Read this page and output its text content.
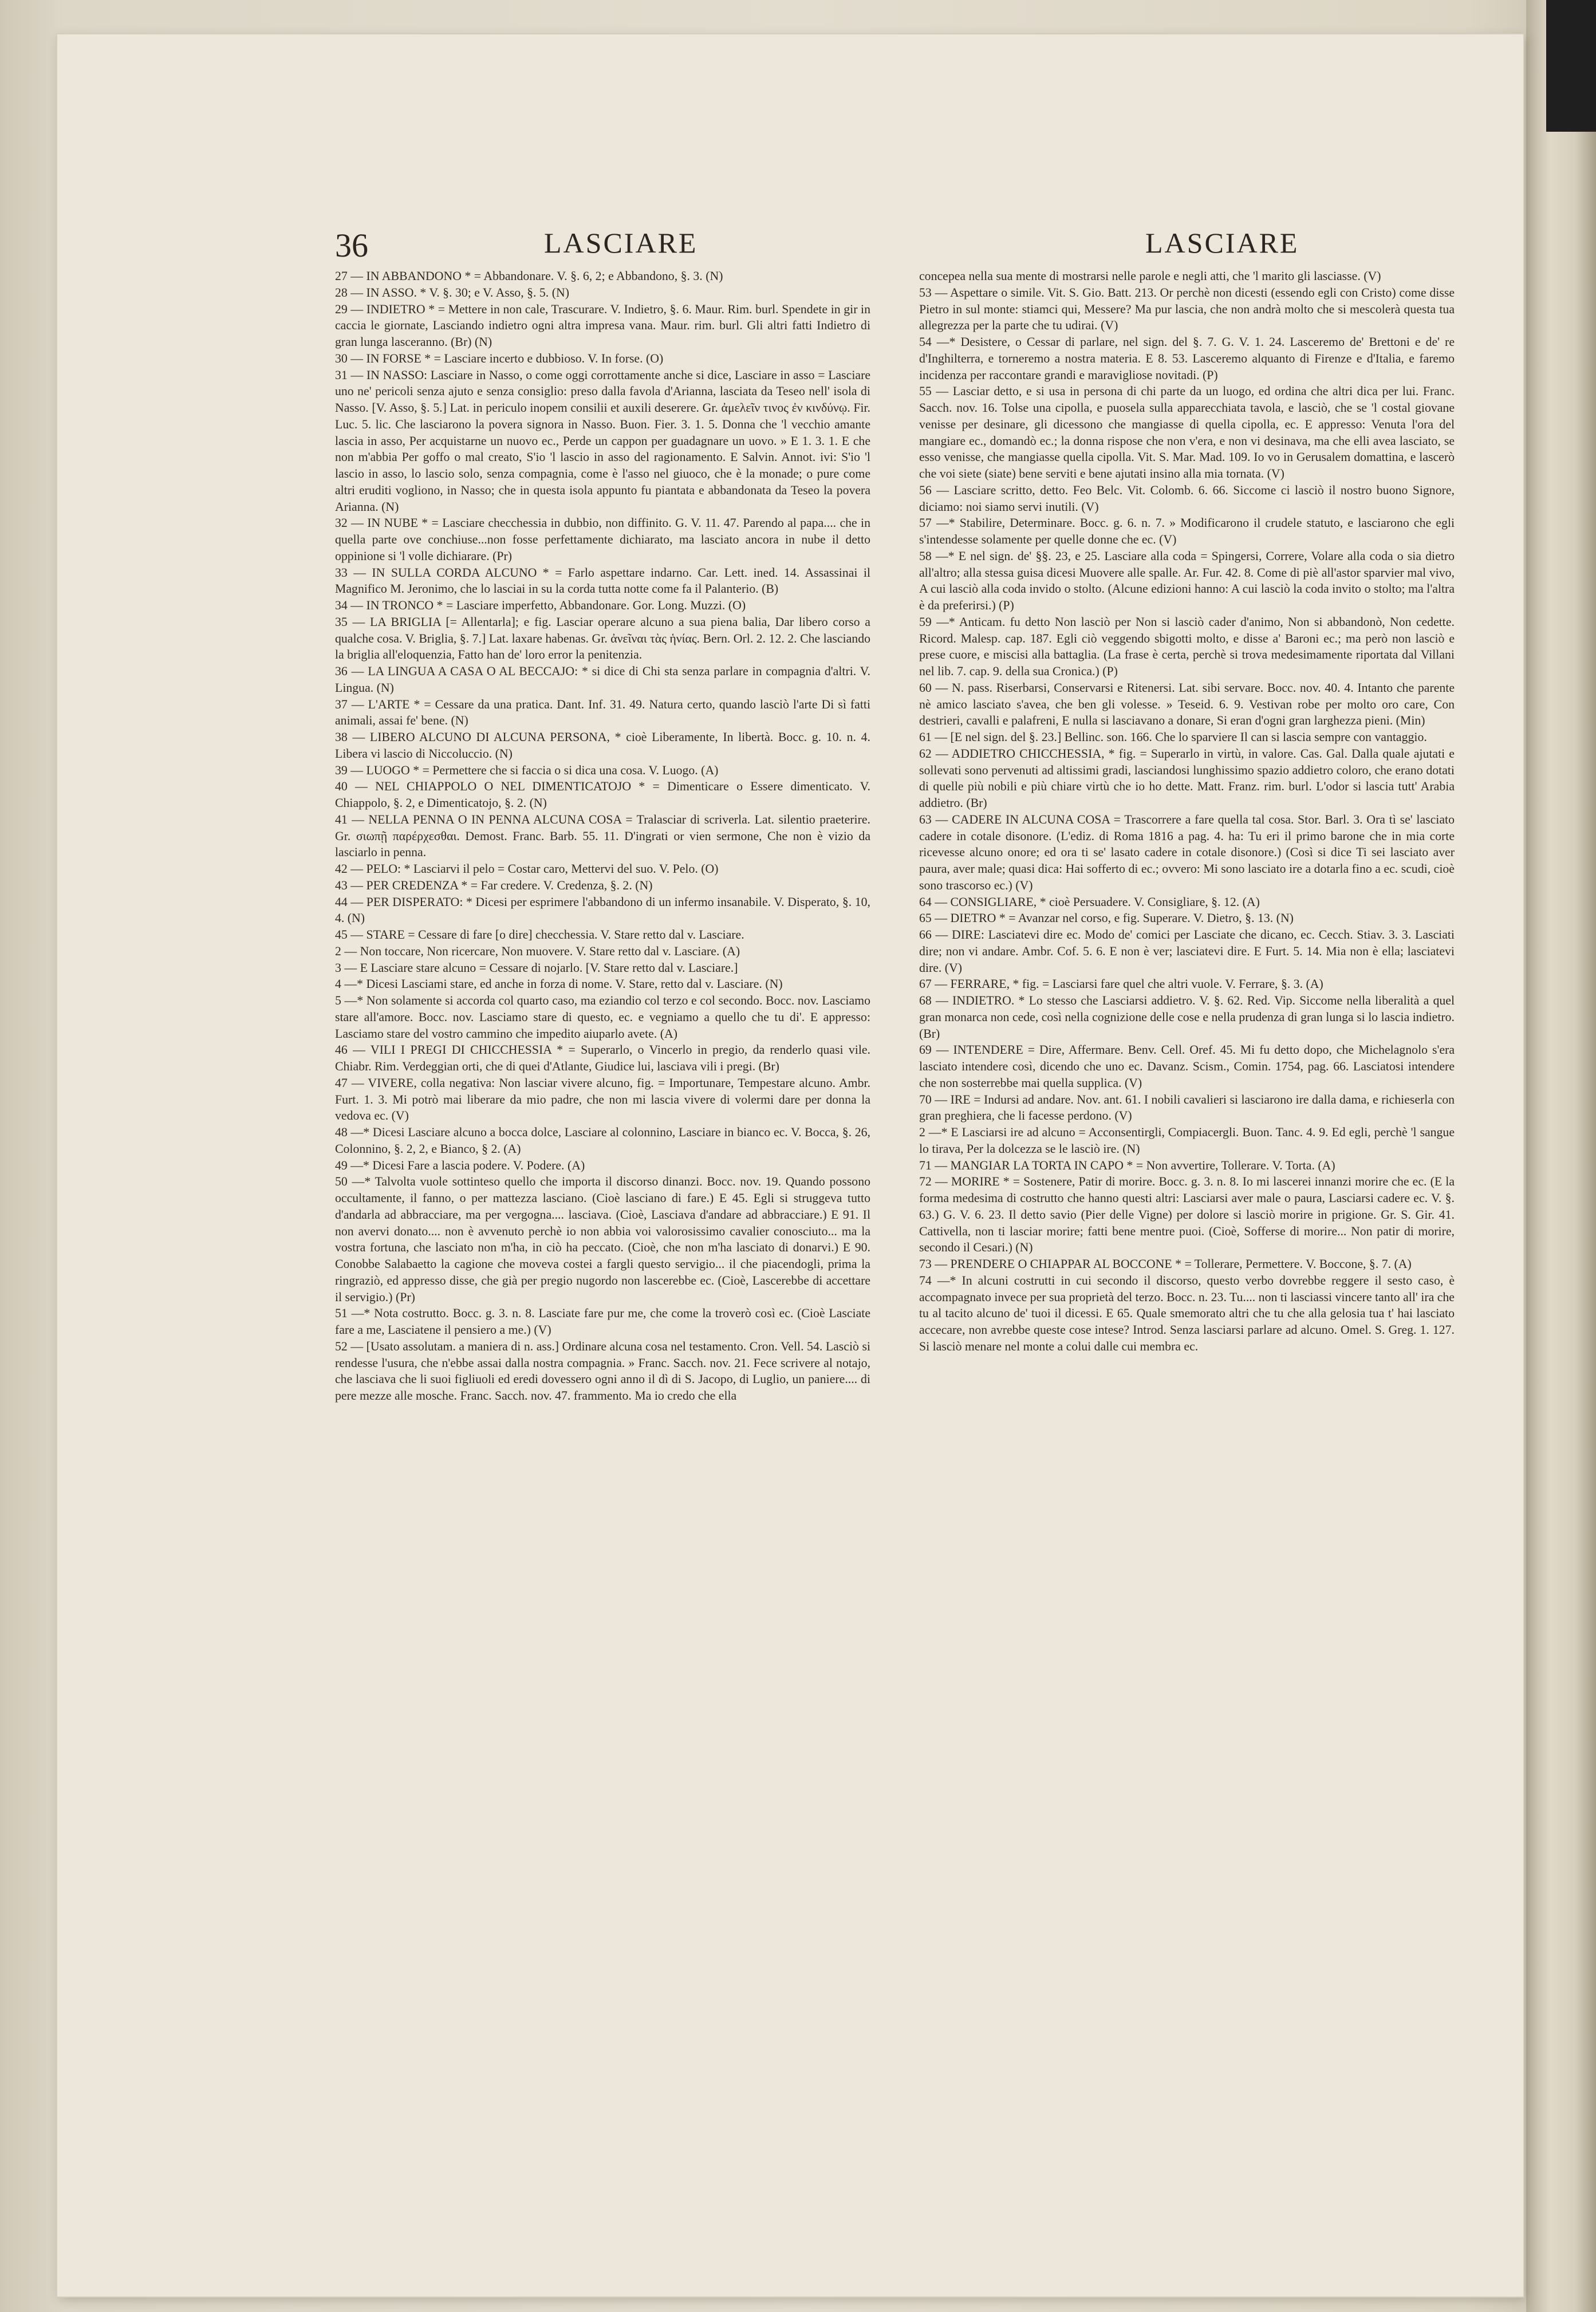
36	LASCIARE	LASCIARE

27 — IN ABBANDONO * = Abbandonare. V. §. 6, 2; e Abbandono, §. 3. (N)

28 — IN ASSO. * V. §. 30; e V. Asso, §. 5. (N)

29 — INDIETRO * = Mettere in non cale, Trascurare. V. Indietro, §. 6. Maur. Rim. burl. Spendete in gir in caccia le giornate, Lasciando indietro ogni altra impresa vana. Maur. rim. burl. Gli altri fatti Indietro di gran lunga lasceranno. (Br) (N)

30 — IN FORSE * = Lasciare incerto e dubbioso. V. In forse. (O)

31 — IN NASSO: Lasciare in Nasso, o come oggi corrottamente anche si dice, Lasciare in asso = Lasciare uno ne' pericoli senza ajuto e senza consiglio: preso dalla favola d'Arianna, lasciata da Teseo nell' isola di Nasso. [V. Asso, §. 5.] Lat. in periculo inopem consilii et auxili deserere. Gr. ἀμελεῖν τινος ἐν κινδύνῳ. Fir. Luc. 5. lic. Che lasciarono la povera signora in Nasso. Buon. Fier. 3. 1. 5. Donna che 'l vecchio amante lascia in asso, Per acquistarne un nuovo ec., Perde un cappon per guadagnare un uovo. » E 1. 3. 1. E che non m'abbia Per goffo o mal creato, S'io 'l lascio in asso del ragionamento. E Salvin. Annot. ivi: S'io 'l lascio in asso, lo lascio solo, senza compagnia, come è l'asso nel giuoco, che è la monade; o pure come altri eruditi vogliono, in Nasso; che in questa isola appunto fu piantata e abbandonata da Teseo la povera Arianna. (N)

32 — IN NUBE * = Lasciare checchessia in dubbio, non diffinito. G. V. 11. 47. Parendo al papa.... che in quella parte ove conchiuse...non fosse perfettamente dichiarato, ma lasciato ancora in nube il detto oppinione si 'l volle dichiarare. (Pr)

33 — IN SULLA CORDA ALCUNO * = Farlo aspettare indarno. Car. Lett. ined. 14. Assassinai il Magnifico M. Jeronimo, che lo lasciai in su la corda tutta notte come fa il Palanterio. (B)

34 — IN TRONCO * = Lasciare imperfetto, Abbandonare. Gor. Long. Muzzi. (O)

35 — LA BRIGLIA [= Allentarla]; e fig. Lasciar operare alcuno a sua piena balia, Dar libero corso a qualche cosa. V. Briglia, §. 7.] Lat. laxare habenas. Gr. ἀνεῖναι τὰς ἡνίας. Bern. Orl. 2. 12. 2. Che lasciando la briglia all'eloquenzia, Fatto han de' loro error la penitenzia.

36 — LA LINGUA A CASA O AL BECCAJO: * si dice di Chi sta senza parlare in compagnia d'altri. V. Lingua. (N)

37 — L'ARTE * = Cessare da una pratica. Dant. Inf. 31. 49. Natura certo, quando lasciò l'arte Di sì fatti animali, assai fe' bene. (N)

38 — LIBERO ALCUNO DI ALCUNA PERSONA, * cioè Liberamente, In libertà. Bocc. g. 10. n. 4. Libera vi lascio di Niccoluccio. (N)

39 — LUOGO * = Permettere che si faccia o si dica una cosa. V. Luogo. (A)

40 — NEL CHIAPPOLO O NEL DIMENTICATOJO * = Dimenticare o Essere dimenticato. V. Chiappolo, §. 2, e Dimenticatojo, §. 2. (N)

41 — NELLA PENNA O IN PENNA ALCUNA COSA = Tralasciar di scriverla. Lat. silentio praeterire. Gr. σιωπῇ παρέρχεσθαι. Demost. Franc. Barb. 55. 11. D'ingrati or vien sermone, Che non è vizio da lasciarlo in penna.

42 — PELO: * Lasciarvi il pelo = Costar caro, Mettervi del suo. V. Pelo. (O)

43 — PER CREDENZA * = Far credere. V. Credenza, §. 2. (N)

44 — PER DISPERATO: * Dicesi per esprimere l'abbandono di un infermo insanabile. V. Disperato, §. 10, 4. (N)

45 — STARE = Cessare di fare [o dire] checchessia. V. Stare retto dal v. Lasciare.

2 — Non toccare, Non ricercare, Non muovere. V. Stare retto dal v. Lasciare. (A)

3 — E Lasciare stare alcuno = Cessare di nojarlo. [V. Stare retto dal v. Lasciare.]

4 —* Dicesi Lasciami stare, ed anche in forza di nome. V. Stare, retto dal v. Lasciare. (N)

5 —* Non solamente si accorda col quarto caso, ma eziandio col terzo e col secondo. Bocc. nov. Lasciamo stare all'amore. Bocc. nov. Lasciamo stare di questo, ec. e vegniamo a quello che tu di'. E appresso: Lasciamo stare del vostro cammino che impedito aiuparlo avete. (A)

46 — VILI I PREGI DI CHICCHESSIA * = Superarlo, o Vincerlo in pregio, da renderlo quasi vile. Chiabr. Rim. Verdeggian orti, che di quei d'Atlante, Giudice lui, lasciava vili i pregi. (Br)

47 — VIVERE, colla negativa: Non lasciar vivere alcuno, fig. = Importunare, Tempestare alcuno. Ambr. Furt. 1. 3. Mi potrò mai liberare da mio padre, che non mi lascia vivere di volermi dare per donna la vedova ec. (V)

48 —* Dicesi Lasciare alcuno a bocca dolce, Lasciare al colonnino, Lasciare in bianco ec. V. Bocca, §. 26, Colonnino, §. 2, 2, e Bianco, § 2. (A)

49 —* Dicesi Fare a lascia podere. V. Podere. (A)

50 —* Talvolta vuole sottinteso quello che importa il discorso dinanzi. Bocc. nov. 19. Quando possono occultamente, il fanno, o per mattezza lasciano. (Cioè lasciano di fare.) E 45. Egli si struggeva tutto d'andarla ad abbracciare, ma per vergogna.... lasciava. (Cioè, Lasciava d'andare ad abbracciare.) E 91. Il non avervi donato.... non è avvenuto perchè io non abbia voi valorosissimo cavalier conosciuto... ma la vostra fortuna, che lasciato non m'ha, in ciò ha peccato. (Cioè, che non m'ha lasciato di donarvi.) E 90. Conobbe Salabaetto la cagione che moveva costei a fargli questo servigio... il che piacendogli, prima la ringraziò, ed appresso disse, che già per pregio nugordo non lascerebbe ec. (Cioè, Lascerebbe di accettare il servigio.) (Pr)

51 —* Nota costrutto. Bocc. g. 3. n. 8. Lasciate fare pur me, che come la troverò così ec. (Cioè Lasciate fare a me, Lasciatene il pensiero a me.) (V)

52 — [Usato assolutam. a maniera di n. ass.] Ordinare alcuna cosa nel testamento. Cron. Vell. 54. Lasciò si rendesse l'usura, che n'ebbe assai dalla nostra compagnia. » Franc. Sacch. nov. 21. Fece scrivere al notajo, che lasciava che li suoi figliuoli ed eredi dovessero ogni anno il dì di S. Jacopo, di Luglio, un paniere.... di pere mezze alle mosche. Franc. Sacch. nov. 47. frammento. Ma io credo che ella

concepea nella sua mente di mostrarsi nelle parole e negli atti, che 'l marito gli lasciasse. (V)

53 — Aspettare o simile. Vit. S. Gio. Batt. 213. Or perchè non dicesti (essendo egli con Cristo) come disse Pietro in sul monte: stiamci qui, Messere? Ma pur lascia, che non andrà molto che si mescolerà questa tua allegrezza per la parte che tu udirai. (V)

54 —* Desistere, o Cessar di parlare, nel sign. del §. 7. G. V. 1. 24. Lasceremo de' Brettoni e de' re d'Inghilterra, e torneremo a nostra materia. E 8. 53. Lasceremo alquanto di Firenze e d'Italia, e faremo incidenza per raccontare grandi e maravigliose novitadi. (P)

55 — Lasciar detto, e si usa in persona di chi parte da un luogo, ed ordina che altri dica per lui. Franc. Sacch. nov. 16. Tolse una cipolla, e puosela sulla apparecchiata tavola, e lasciò, che se 'l costal giovane venisse per desinare, gli dicessono che mangiasse di quella cipolla, ec. E appresso: Venuta l'ora del mangiare ec., domandò ec.; la donna rispose che non v'era, e non vi desinava, ma che elli avea lasciato, se esso venisse, che mangiasse quella cipolla. Vit. S. Mar. Mad. 109. Io vo in Gerusalem domattina, e lascerò che voi siete (siate) bene serviti e bene ajutati insino alla mia tornata. (V)

56 — Lasciare scritto, detto. Feo Belc. Vit. Colomb. 6. 66. Siccome ci lasciò il nostro buono Signore, diciamo: noi siamo servi inutili. (V)

57 —* Stabilire, Determinare. Bocc. g. 6. n. 7. » Modificarono il crudele statuto, e lasciarono che egli s'intendesse solamente per quelle donne che ec. (V)

58 —* E nel sign. de' §§. 23, e 25. Lasciare alla coda = Spingersi, Correre, Volare alla coda o sia dietro all'altro; alla stessa guisa dicesi Muovere alle spalle. Ar. Fur. 42. 8. Come di piè all'astor sparvier mal vivo, A cui lasciò alla coda invido o stolto. (Alcune edizioni hanno: A cui lasciò la coda invito o stolto; ma l'altra è da preferirsi.) (P)

59 —* Anticam. fu detto Non lasciò per Non si lasciò cader d'animo, Non si abbandonò, Non cedette. Ricord. Malesp. cap. 187. Egli ciò veggendo sbigotti molto, e disse a' Baroni ec.; ma però non lasciò e prese cuore, e miscisi alla battaglia. (La frase è certa, perchè si trova medesimamente riportata dal Villani nel lib. 7. cap. 9. della sua Cronica.) (P)

60 — N. pass. Riserbarsi, Conservarsi e Ritenersi. Lat. sibi servare. Bocc. nov. 40. 4. Intanto che parente nè amico lasciato s'avea, che ben gli volesse. » Teseid. 6. 9. Vestivan robe per molto oro care, Con destrieri, cavalli e palafreni, E nulla si lasciavano a donare, Si eran d'ogni gran larghezza pieni. (Min)

61 — [E nel sign. del §. 23.] Bellinc. son. 166. Che lo sparviere Il can si lascia sempre con vantaggio.

62 — ADDIETRO CHICCHESSIA, * fig. = Superarlo in virtù, in valore. Cas. Gal. Dalla quale ajutati e sollevati sono pervenuti ad altissimi gradi, lasciandosi lunghissimo spazio addietro coloro, che erano dotati di quelle più nobili e più chiare virtù che io ho dette. Matt. Franz. rim. burl. L'odor si lascia tutt' Arabia addietro. (Br)

63 — CADERE IN ALCUNA COSA = Trascorrere a fare quella tal cosa. Stor. Barl. 3. Ora tì se' lasciato cadere in cotale disonore. (L'ediz. di Roma 1816 a pag. 4. ha: Tu eri il primo barone che in mia corte ricevesse alcuno onore; ed ora ti se' lasato cadere in cotale disonore.) (Così si dice Ti sei lasciato aver paura, aver male; quasi dica: Hai sofferto di ec.; ovvero: Mi sono lasciato ire a dotarla fino a ec. scudi, cioè sono trascorso ec.) (V)

64 — CONSIGLIARE, * cioè Persuadere. V. Consigliare, §. 12. (A)

65 — DIETRO * = Avanzar nel corso, e fig. Superare. V. Dietro, §. 13. (N)

66 — DIRE: Lasciatevi dire ec. Modo de' comici per Lasciate che dicano, ec. Cecch. Stiav. 3. 3. Lasciati dire; non vi andare. Ambr. Cof. 5. 6. E non è ver; lasciatevi dire. E Furt. 5. 14. Mia non è ella; lasciatevi dire. (V)

67 — FERRARE, * fig. = Lasciarsi fare quel che altri vuole. V. Ferrare, §. 3. (A)

68 — INDIETRO. * Lo stesso che Lasciarsi addietro. V. §. 62. Red. Vip. Siccome nella liberalità a quel gran monarca non cede, così nella cognizione delle cose e nella prudenza di gran lunga si lo lascia indietro. (Br)

69 — INTENDERE = Dire, Affermare. Benv. Cell. Oref. 45. Mi fu detto dopo, che Michelagnolo s'era lasciato intendere così, dicendo che uno ec. Davanz. Scism., Comin. 1754, pag. 66. Lasciatosi intendere che non sosterrebbe mai quella supplica. (V)

70 — IRE = Indursi ad andare. Nov. ant. 61. I nobili cavalieri si lasciarono ire dalla dama, e richieserla con gran preghiera, che li facesse perdono. (V)

2 —* E Lasciarsi ire ad alcuno = Acconsentirgli, Compiacergli. Buon. Tanc. 4. 9. Ed egli, perchè 'l sangue lo tirava, Per la dolcezza se le lasciò ire. (N)

71 — MANGIAR LA TORTA IN CAPO * = Non avvertire, Tollerare. V. Torta. (A)

72 — MORIRE * = Sostenere, Patir di morire. Bocc. g. 3. n. 8. Io mi lascerei innanzi morire che ec. (E la forma medesima di costrutto che hanno questi altri: Lasciarsi aver male o paura, Lasciarsi cadere ec. V. §. 63.) G. V. 6. 23. Il detto savio (Pier delle Vigne) per dolore si lasciò morire in prigione. Gr. S. Gir. 41. Cattivella, non ti lasciar morire; fatti bene mentre puoi. (Cioè, Sofferse di morire... Non patir di morire, secondo il Cesari.) (N)

73 — PRENDERE O CHIAPPAR AL BOCCONE * = Tollerare, Permettere. V. Boccone, §. 7. (A)

74 —* In alcuni costrutti in cui secondo il discorso, questo verbo dovrebbe reggere il sesto caso, è accompagnato invece per sua proprietà del terzo. Bocc. n. 23. Tu.... non ti lasciassi vincere tanto all' ira che tu al tacito alcuno de' tuoi il dicessi. E 65. Quale smemorato altri che tu che alla gelosia tua t' hai lasciato accecare, non avrebbe queste cose intese? Introd. Senza lasciarsi parlare ad alcuno. Omel. S. Greg. 1. 127. Si lasciò menare nel monte a colui dalle cui membra ec.
